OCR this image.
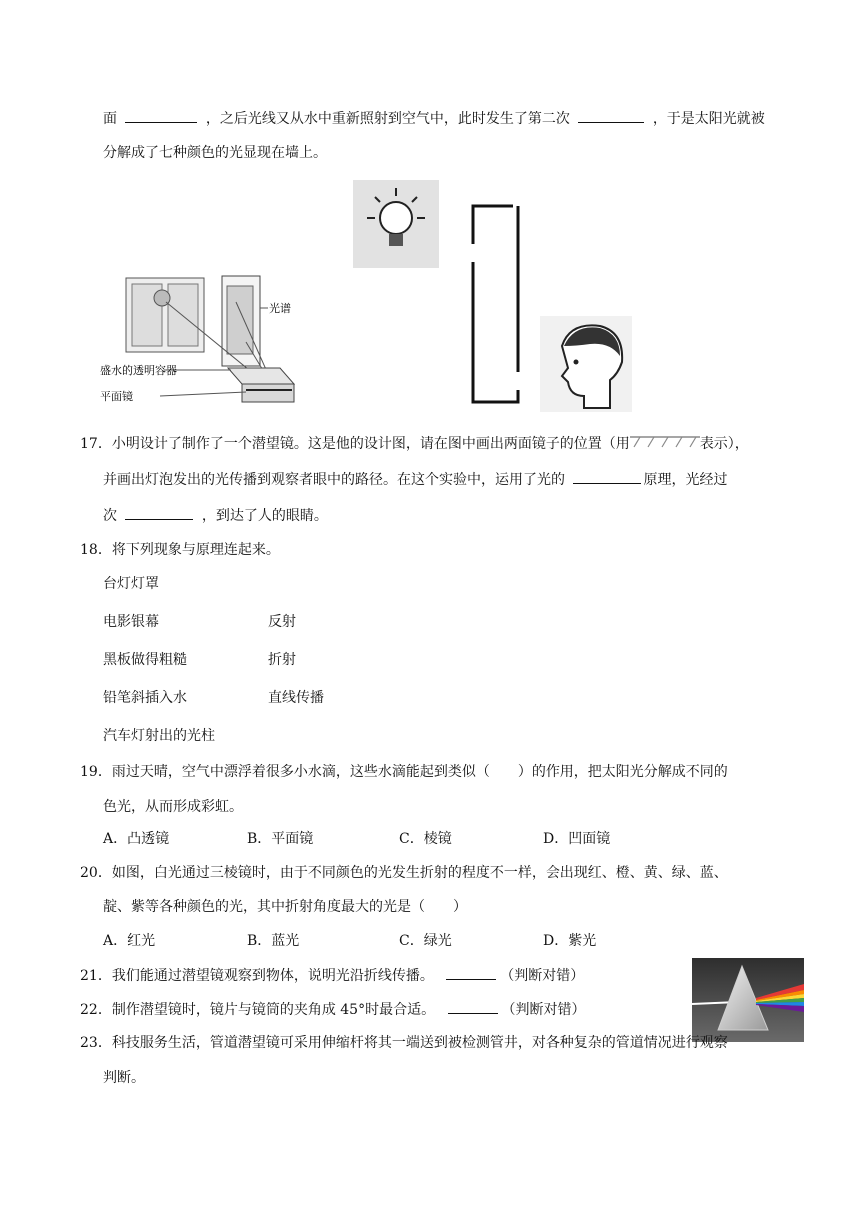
面	，之后光线又从水中重新照射到空气中，此时发生了第二次	，于是太阳光就被
分解成了七种颜色的光显现在墙上。
光谱
盛水的透明容器
平面镜
17．小明设计了制作了一个潜望镜。这是他的设计图，请在图中画出两面镜子的位置（用	表示），
并画出灯泡发出的光传播到观察者眼中的路径。在这个实验中，运用了光的	原理，光经过
次	，到达了人的眼睛。
18．将下列现象与原理连起来。
台灯灯罩
电影银幕
黑板做得粗糙
铅笔斜插入水
汽车灯射出的光柱
反射
折射
直线传播
19．雨过天晴，空气中漂浮着很多小水滴，这些水滴能起到类似（　　）的作用，把太阳光分解成不同的
色光，从而形成彩虹。
A．凸透镜	B．平面镜	C．棱镜	D．凹面镜
20．如图，白光通过三棱镜时，由于不同颜色的光发生折射的程度不一样，会出现红、橙、黄、绿、蓝、
靛、紫等各种颜色的光，其中折射角度最大的光是（　　）
A．红光	B．蓝光	C．绿光	D．紫光
21．我们能通过潜望镜观察到物体，说明光沿折线传播。	（判断对错）
22．制作潜望镜时，镜片与镜筒的夹角成 45°时最合适。	（判断对错）
23．科技服务生活，管道潜望镜可采用伸缩杆将其一端送到被检测管井，对各种复杂的管道情况进行观察
判断。
